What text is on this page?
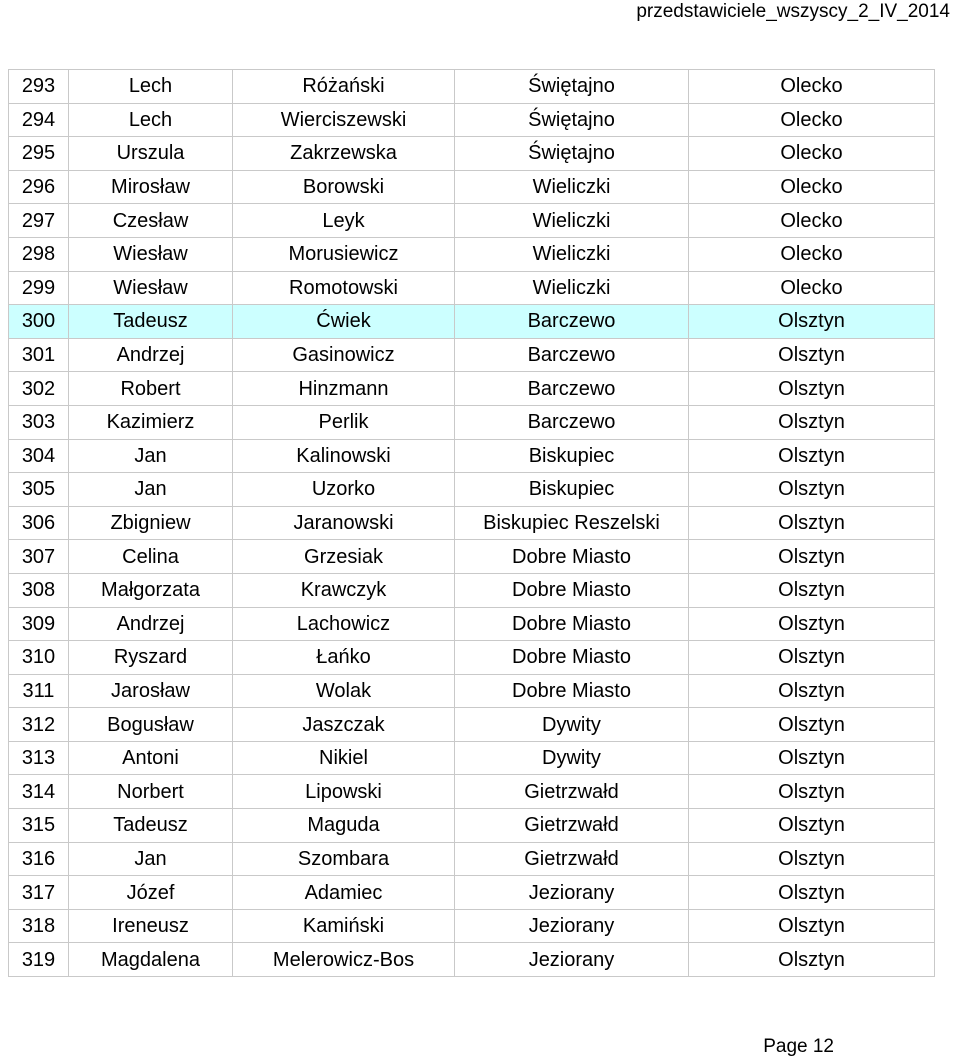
przedstawiciele_wszyscy_2_IV_2014
293	Lech	Różański	Świętajno	Olecko
294	Lech	Wierciszewski	Świętajno	Olecko
295	Urszula	Zakrzewska	Świętajno	Olecko
296	Mirosław	Borowski	Wieliczki	Olecko
297	Czesław	Leyk	Wieliczki	Olecko
298	Wiesław	Morusiewicz	Wieliczki	Olecko
299	Wiesław	Romotowski	Wieliczki	Olecko
300	Tadeusz	Ćwiek	Barczewo	Olsztyn
301	Andrzej	Gasinowicz	Barczewo	Olsztyn
302	Robert	Hinzmann	Barczewo	Olsztyn
303	Kazimierz	Perlik	Barczewo	Olsztyn
304	Jan	Kalinowski	Biskupiec	Olsztyn
305	Jan	Uzorko	Biskupiec	Olsztyn
306	Zbigniew	Jaranowski	Biskupiec Reszelski	Olsztyn
307	Celina	Grzesiak	Dobre Miasto	Olsztyn
308	Małgorzata	Krawczyk	Dobre Miasto	Olsztyn
309	Andrzej	Lachowicz	Dobre Miasto	Olsztyn
310	Ryszard	Łańko	Dobre Miasto	Olsztyn
311	Jarosław	Wolak	Dobre Miasto	Olsztyn
312	Bogusław	Jaszczak	Dywity	Olsztyn
313	Antoni	Nikiel	Dywity	Olsztyn
314	Norbert	Lipowski	Gietrzwałd	Olsztyn
315	Tadeusz	Maguda	Gietrzwałd	Olsztyn
316	Jan	Szombara	Gietrzwałd	Olsztyn
317	Józef	Adamiec	Jeziorany	Olsztyn
318	Ireneusz	Kamiński	Jeziorany	Olsztyn
319	Magdalena	Melerowicz-Bos	Jeziorany	Olsztyn
Page 12
